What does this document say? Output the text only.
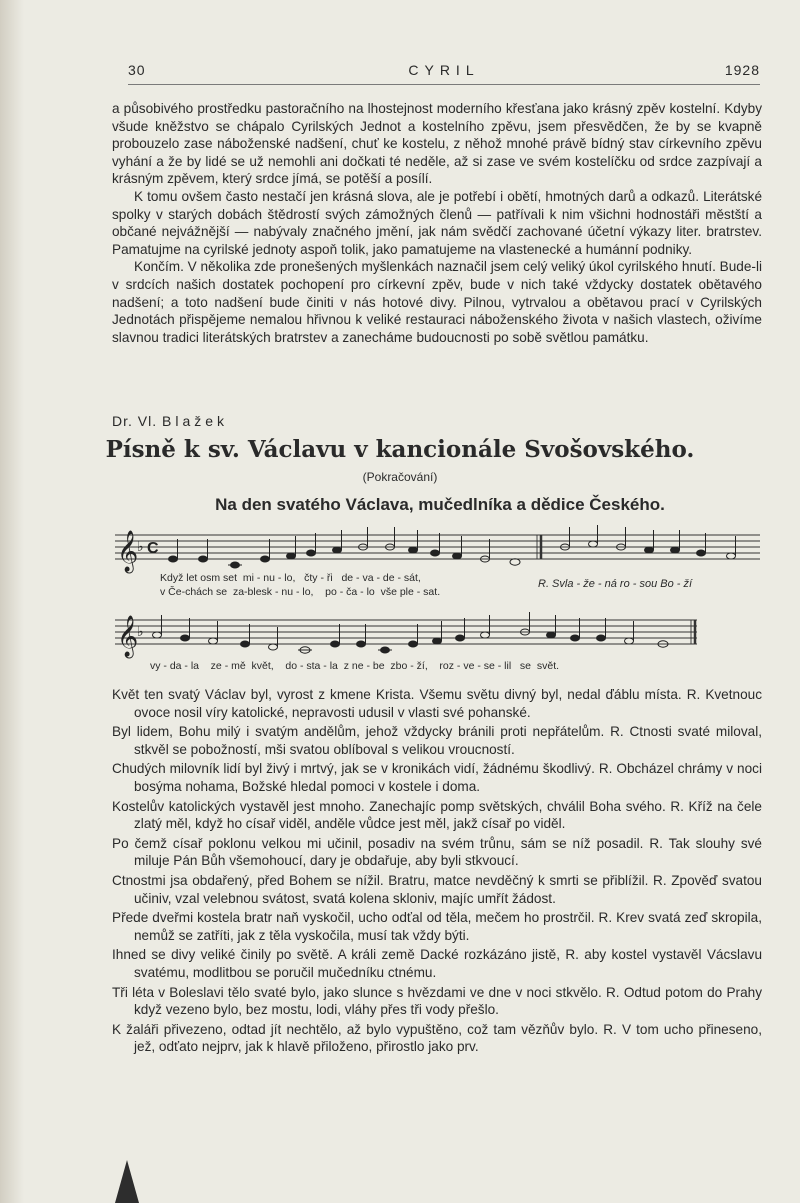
30	CYRIL	1928

a působivého prostředku pastoračního na lhostejnost moderního křesťana jako krásný zpěv kostelní. Kdyby všude kněžstvo se chápalo Cyrilských Jednot a kostelního zpěvu, jsem přesvědčen, že by se kvapně probouzelo zase náboženské nadšení, chuť ke kostelu, z něhož mnohé právě bídný stav církevního zpěvu vyhání a že by lidé se už nemohli ani dočkati té neděle, až si zase ve svém kostelíčku od srdce zazpívají a krásným zpěvem, který srdce jímá, se potěší a posílí.

K tomu ovšem často nestačí jen krásná slova, ale je potřebí i obětí, hmotných darů a odkazů. Literátské spolky v starých dobách štědrostí svých zámožných členů — patřívali k nim všichni hodnostáři městští a občané nejvážnější — nabývaly značného jmění, jak nám svědčí zachované účetní výkazy liter. bratrstev. Pamatujme na cyrilské jednoty aspoň tolik, jako pamatujeme na vlastenecké a humánní podniky.

Končím. V několika zde pronešených myšlenkách naznačil jsem celý veliký úkol cyrilského hnutí. Bude-li v srdcích našich dostatek pochopení pro církevní zpěv, bude v nich také vždycky dostatek obětavého nadšení; a toto nadšení bude činiti v nás hotové divy. Pilnou, vytrvalou a obětavou prací v Cyrilských Jednotách přispějeme nemalou hřivnou k veliké restauraci náboženského života v našich vlastech, oživíme slavnou tradici literátských bratrstev a zanecháme budoucnosti po sobě světlou památku.

Dr. Vl. Blažek
Písně k sv. Václavu v kancionále Svošovského.
(Pokračování)
Na den svatého Václava, mučedlníka a dědice Českého.
𝄞
♭ C
Když let osm set  mi - nu - lo,   čty - ři   de - va - de - sát,
v Če-chách se  za-blesk - nu - lo,    po - ča - lo  vše ple - sat.
R. Svla - že - ná ro - sou Bo - ží
𝄞
♭
vy - da - la    ze - mě  květ,    do - sta - la  z ne - be  zbo - ží,    roz - ve - se - lil   se  svět.

Květ ten svatý Václav byl, vyrost z kmene Krista. Všemu světu divný byl, nedal ďáblu místa. R. Kvetnouc ovoce nosil víry katolické, nepravosti udusil v vlasti své pohanské.

Byl lidem, Bohu milý i svatým andělům, jehož vždycky bránili proti nepřátelům. R. Ctnosti svaté miloval, stkvěl se pobožností, mši svatou oblíboval s velikou vroucností.

Chudých milovník lidí byl živý i mrtvý, jak se v kronikách vidí, žádnému škodlivý. R. Obcházel chrámy v noci bosýma nohama, Božské hledal pomoci v kostele i doma.

Kostelův katolických vystavěl jest mnoho. Zanechajíc pomp světských, chválil Boha svého. R. Kříž na čele zlatý měl, když ho císař viděl, anděle vůdce jest měl, jakž císař po viděl.

Po čemž císař poklonu velkou mi učinil, posadiv na svém trůnu, sám se níž posadil. R. Tak slouhy své miluje Pán Bůh všemohoucí, dary je obdařuje, aby byli stkvoucí.

Ctnostmi jsa obdařený, před Bohem se nížil. Bratru, matce nevděčný k smrti se přiblížil. R. Zpověď svatou učiniv, vzal velebnou svátost, svatá kolena skloniv, majíc umřít žádost.

Přede dveřmi kostela bratr naň vyskočil, ucho odťal od těla, mečem ho prostrčil. R. Krev svatá zeď skropila, nemůž se zatříti, jak z těla vyskočila, musí tak vždy býti.

Ihned se divy veliké činily po světě. A králi země Dacké rozkázáno jistě, R. aby kostel vystavěl Vácslavu svatému, modlitbou se poručil mučedníku ctnému.

Tři léta v Boleslavi tělo svaté bylo, jako slunce s hvězdami ve dne v noci stkvělo. R. Odtud potom do Prahy když vezeno bylo, bez mostu, lodi, vláhy přes tři vody přešlo.

K žaláři přivezeno, odtad jít nechtělo, až bylo vypuštěno, což tam vězňův bylo. R. V tom ucho přineseno, jež, odťato nejprv, jak k hlavě přiloženo, přirostlo jako prv.
